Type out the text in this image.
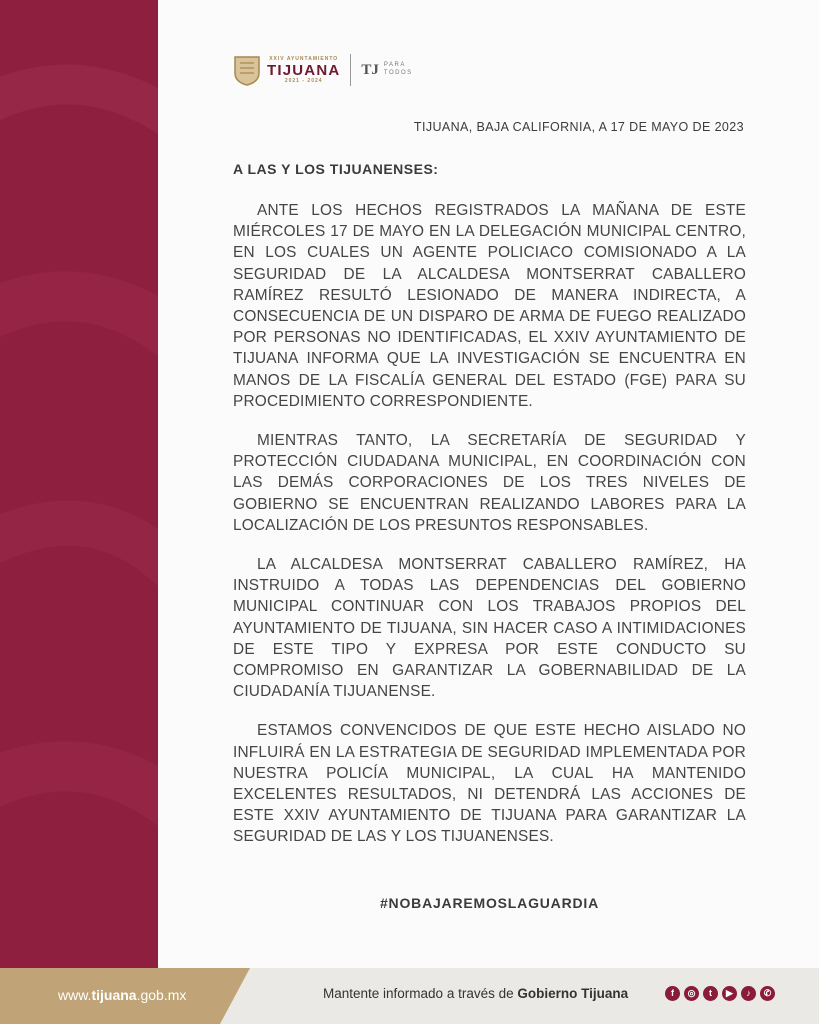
XXIV AYUNTAMIENTO
TIJUANA
2021 - 2024
TJ PARA
TODOS
TIJUANA, BAJA CALIFORNIA, A 17 DE MAYO DE 2023
A LAS Y LOS TIJUANENSES:

ANTE LOS HECHOS REGISTRADOS LA MAÑANA DE ESTE MIÉRCOLES 17 DE MAYO EN LA DELEGACIÓN MUNICIPAL CENTRO, EN LOS CUALES UN AGENTE POLICIACO COMISIONADO A LA SEGURIDAD DE LA ALCALDESA MONTSERRAT CABALLERO RAMÍREZ RESULTÓ LESIONADO DE MANERA INDIRECTA, A CONSECUENCIA DE UN DISPARO DE ARMA DE FUEGO REALIZADO POR PERSONAS NO IDENTIFICADAS, EL XXIV AYUNTAMIENTO DE TIJUANA INFORMA QUE LA INVESTIGACIÓN SE ENCUENTRA EN MANOS DE LA FISCALÍA GENERAL DEL ESTADO (FGE) PARA SU PROCEDIMIENTO CORRESPONDIENTE.

MIENTRAS TANTO, LA SECRETARÍA DE SEGURIDAD Y PROTECCIÓN CIUDADANA MUNICIPAL, EN COORDINACIÓN CON LAS DEMÁS CORPORACIONES DE LOS TRES NIVELES DE GOBIERNO SE ENCUENTRAN REALIZANDO LABORES PARA LA LOCALIZACIÓN DE LOS PRESUNTOS RESPONSABLES.

LA ALCALDESA MONTSERRAT CABALLERO RAMÍREZ, HA INSTRUIDO A TODAS LAS DEPENDENCIAS DEL GOBIERNO MUNICIPAL CONTINUAR CON LOS TRABAJOS PROPIOS DEL AYUNTAMIENTO DE TIJUANA, SIN HACER CASO A INTIMIDACIONES DE ESTE TIPO Y EXPRESA POR ESTE CONDUCTO SU COMPROMISO EN GARANTIZAR LA GOBERNABILIDAD DE LA CIUDADANÍA TIJUANENSE.

ESTAMOS CONVENCIDOS DE QUE ESTE HECHO AISLADO NO INFLUIRÁ EN LA ESTRATEGIA DE SEGURIDAD IMPLEMENTADA POR NUESTRA POLICÍA MUNICIPAL, LA CUAL HA MANTENIDO EXCELENTES RESULTADOS, NI DETENDRÁ LAS ACCIONES DE ESTE XXIV AYUNTAMIENTO DE TIJUANA PARA GARANTIZAR LA SEGURIDAD DE LAS Y LOS TIJUANENSES.

#NOBAJAREMOSLAGUARDIA
www.tijuana.gob.mx	Mantente informado a través de Gobierno Tijuana	f	◎	t	▶	♪	✆
